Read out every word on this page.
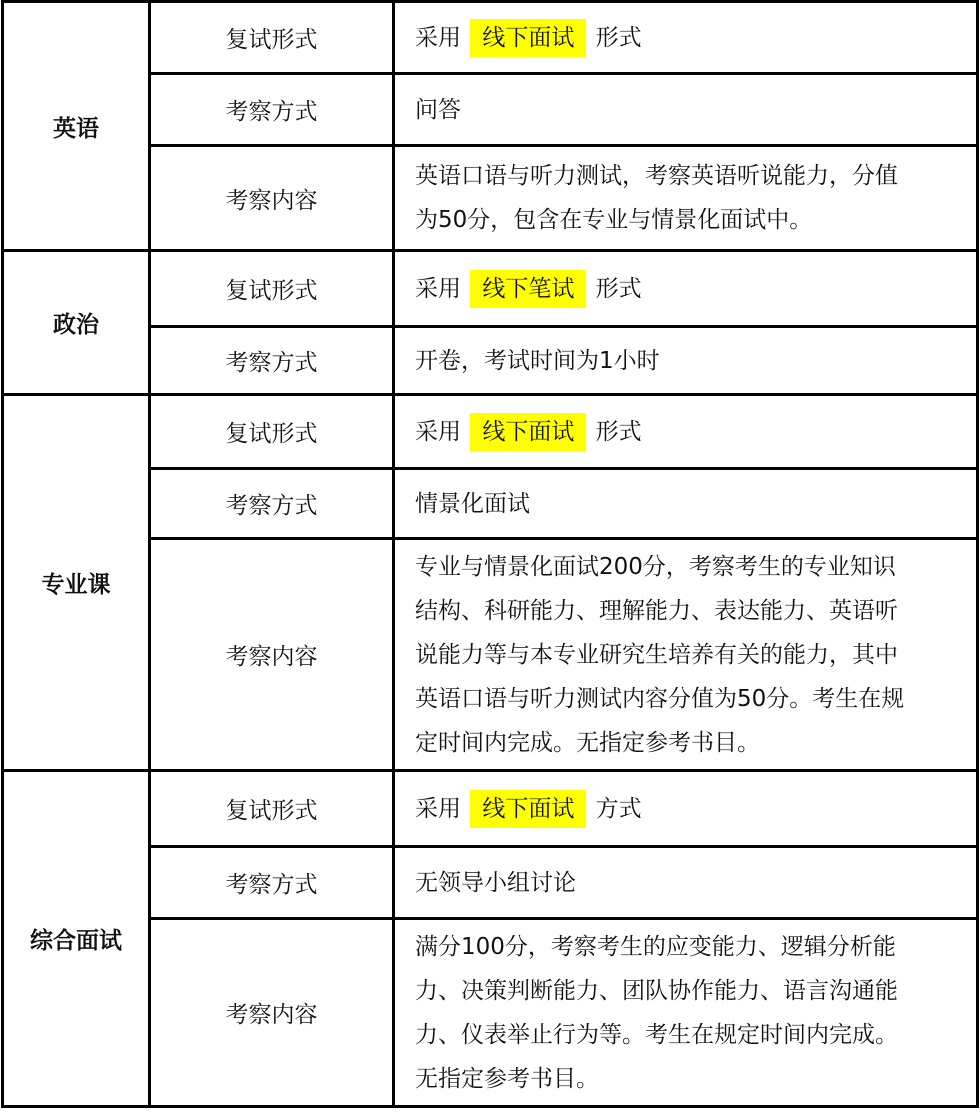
英语	复试形式	采用 线下面试 形式
	考察方式	问答

	考察内容	英语口语与听力测试，考察英语听说能力，分值
为50分，包含在专业与情景化面试中。

政治	复试形式	采用 线下笔试 形式
	考察方式	开卷，考试时间为1小时

专业课	复试形式	采用 线下面试 形式
	考察方式	情景化面试

	考察内容	专业与情景化面试200分，考察考生的专业知识
结构、科研能力、理解能力、表达能力、英语听
说能力等与本专业研究生培养有关的能力，其中
英语口语与听力测试内容分值为50分。考生在规
定时间内完成。无指定参考书目。

综合面试	复试形式	采用 线下面试 方式
	考察方式	无领导小组讨论

	考察内容	满分100分，考察考生的应变能力、逻辑分析能
力、决策判断能力、团队协作能力、语言沟通能
力、仪表举止行为等。考生在规定时间内完成。
无指定参考书目。
